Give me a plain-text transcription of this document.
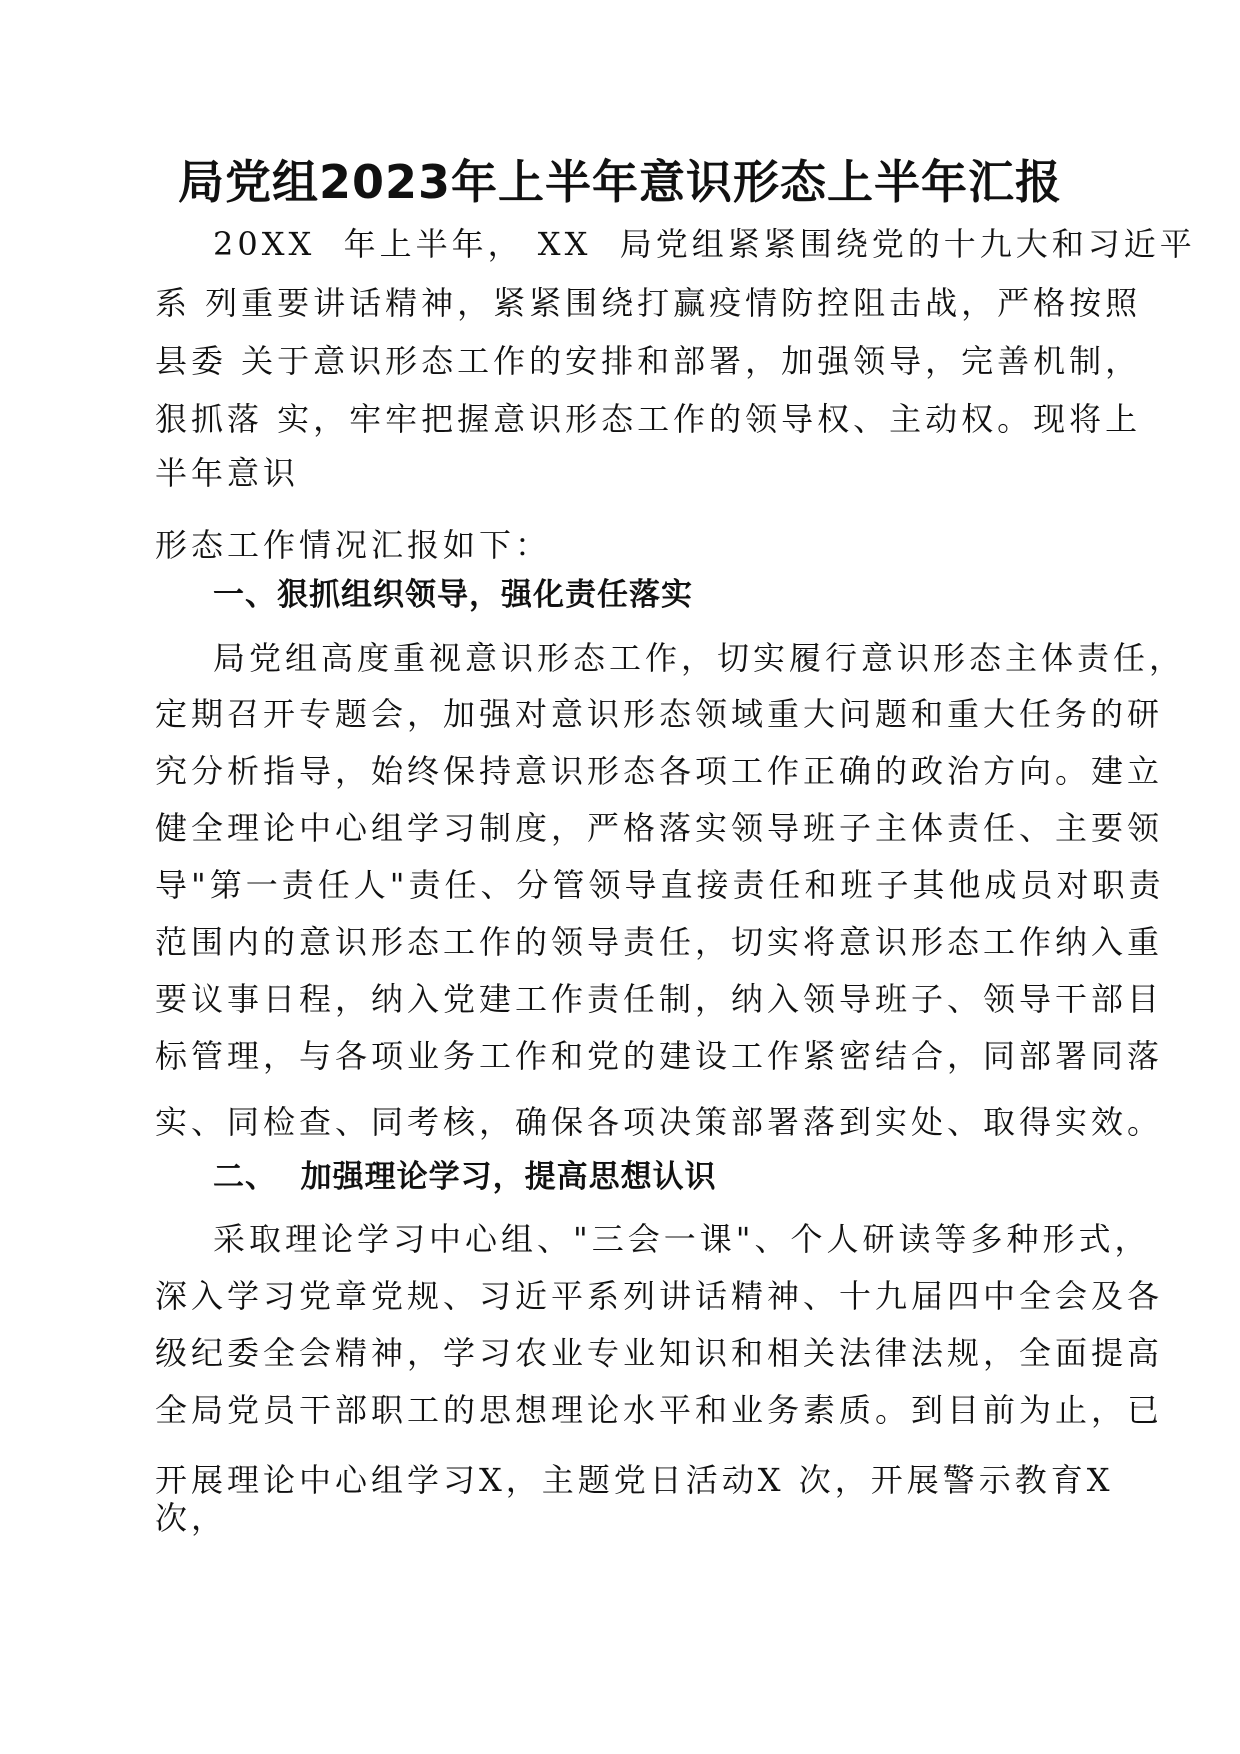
局党组2023年上半年意识形态上半年汇报
20XX  年上半年， XX  局党组紧紧围绕党的十九大和习近平
系 列重要讲话精神，紧紧围绕打赢疫情防控阻击战，严格按照
县委 关于意识形态工作的安排和部署，加强领导，完善机制，
狠抓落 实，牢牢把握意识形态工作的领导权、主动权。现将上
半年意识
形态工作情况汇报如下：
一、狠抓组织领导，强化责任落实
局党组高度重视意识形态工作，切实履行意识形态主体责任，
定期召开专题会，加强对意识形态领域重大问题和重大任务的研
究分析指导，始终保持意识形态各项工作正确的政治方向。建立
健全理论中心组学习制度，严格落实领导班子主体责任、主要领
导"第一责任人"责任、分管领导直接责任和班子其他成员对职责
范围内的意识形态工作的领导责任，切实将意识形态工作纳入重
要议事日程，纳入党建工作责任制，纳入领导班子、领导干部目
标管理，与各项业务工作和党的建设工作紧密结合，同部署同落
实、同检查、同考核，确保各项决策部署落到实处、取得实效。
二、  加强理论学习，提高思想认识
采取理论学习中心组、"三会一课"、个人研读等多种形式，
深入学习党章党规、习近平系列讲话精神、十九届四中全会及各
级纪委全会精神，学习农业专业知识和相关法律法规，全面提高
全局党员干部职工的思想理论水平和业务素质。到目前为止，已
开展理论中心组学习X，主题党日活动X 次，开展警示教育X
次，
